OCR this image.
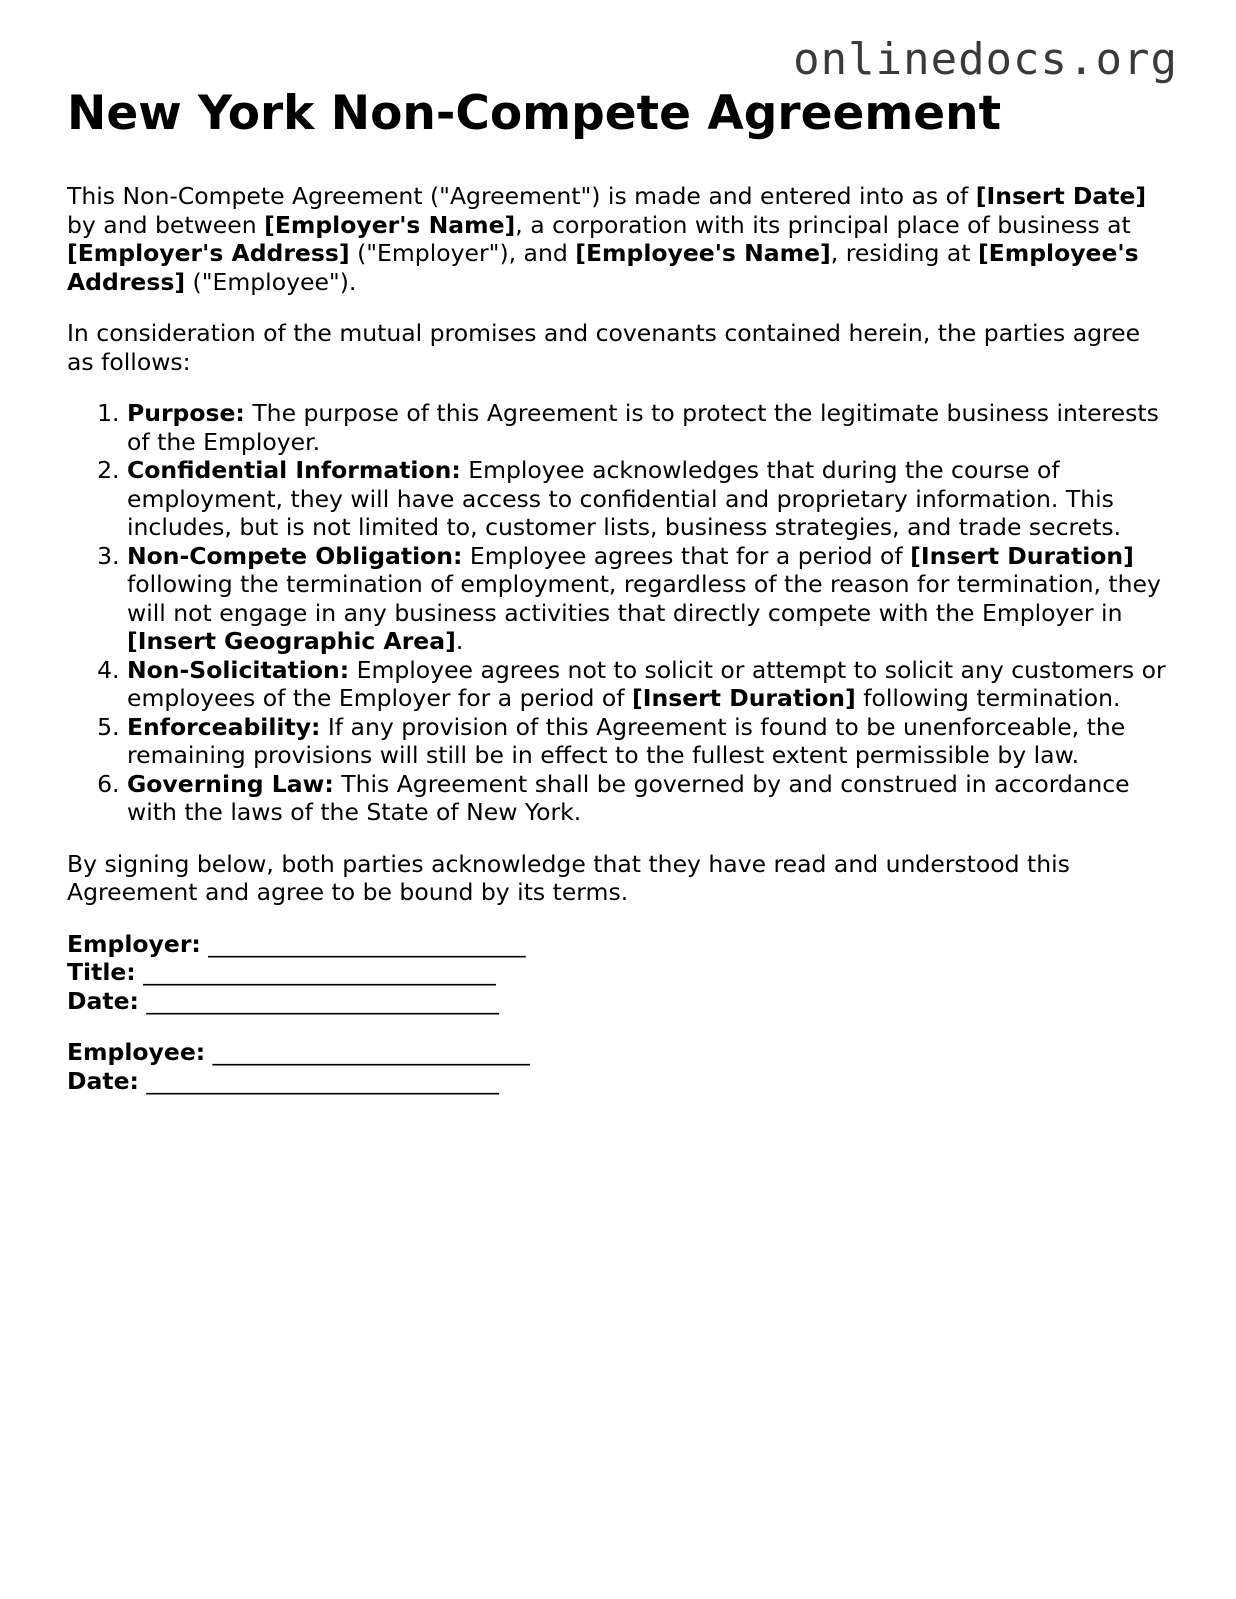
onlinedocs.org
New York Non-Compete Agreement

This Non-Compete Agreement ("Agreement") is made and entered into as of [Insert Date] by and between [Employer's Name], a corporation with its principal place of business at [Employer's Address] ("Employer"), and [Employee's Name], residing at [Employee's Address] ("Employee").

In consideration of the mutual promises and covenants contained herein, the parties agree as follows:

1. Purpose: The purpose of this Agreement is to protect the legitimate business interests of the Employer.
2. Confidential Information: Employee acknowledges that during the course of employment, they will have access to confidential and proprietary information. This includes, but is not limited to, customer lists, business strategies, and trade secrets.
3. Non-Compete Obligation: Employee agrees that for a period of [Insert Duration] following the termination of employment, regardless of the reason for termination, they will not engage in any business activities that directly compete with the Employer in [Insert Geographic Area].
4. Non-Solicitation: Employee agrees not to solicit or attempt to solicit any customers or employees of the Employer for a period of [Insert Duration] following termination.
5. Enforceability: If any provision of this Agreement is found to be unenforceable, the remaining provisions will still be in effect to the fullest extent permissible by law.
6. Governing Law: This Agreement shall be governed by and construed in accordance with the laws of the State of New York.

By signing below, both parties acknowledge that they have read and understood this Agreement and agree to be bound by its terms.

Employer: ___________________________
Title: ______________________________
Date: ______________________________
Employee: ___________________________
Date: ______________________________
